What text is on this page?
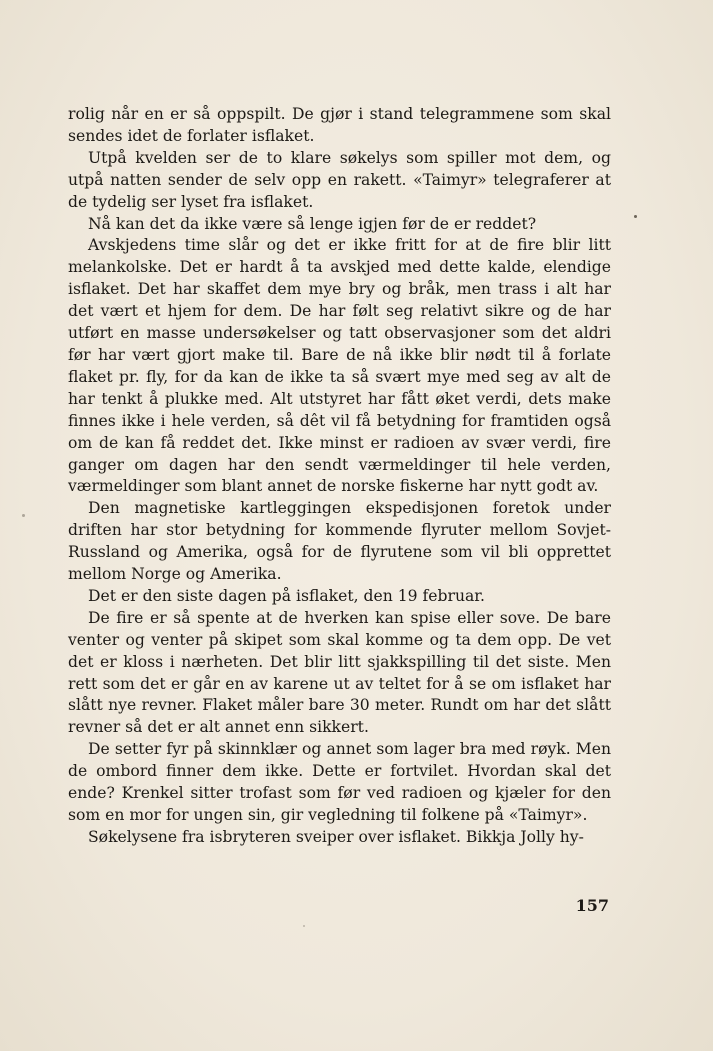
rolig når en er så oppspilt. De gjør i stand telegrammene som skal sendes idet de forlater isflaket.

Utpå kvelden ser de to klare søkelys som spiller mot dem, og utpå natten sender de selv opp en rakett. «Taimyr» telegraferer at de tydelig ser lyset fra isflaket.

Nå kan det da ikke være så lenge igjen før de er reddet?

Avskjedens time slår og det er ikke fritt for at de fire blir litt melankolske. Det er hardt å ta avskjed med dette kalde, elendige isflaket. Det har skaffet dem mye bry og bråk, men trass i alt har det vært et hjem for dem. De har følt seg relativt sikre og de har utført en masse undersøkelser og tatt observasjoner som det aldri før har vært gjort make til. Bare de nå ikke blir nødt til å forlate flaket pr. fly, for da kan de ikke ta så svært mye med seg av alt de har tenkt å plukke med. Alt utstyret har fått øket verdi, dets make finnes ikke i hele verden, så dêt vil få betydning for framtiden også om de kan få reddet det. Ikke minst er radioen av svær verdi, fire ganger om dagen har den sendt værmeldinger til hele verden, værmeldinger som blant annet de norske fiskerne har nytt godt av.

Den magnetiske kartleggingen ekspedisjonen foretok under driften har stor betydning for kommende flyruter mellom Sovjet-Russland og Amerika, også for de flyrutene som vil bli opprettet mellom Norge og Amerika.

Det er den siste dagen på isflaket, den 19 februar.

De fire er så spente at de hverken kan spise eller sove. De bare venter og venter på skipet som skal komme og ta dem opp. De vet det er kloss i nærheten. Det blir litt sjakkspilling til det siste. Men rett som det er går en av karene ut av teltet for å se om isflaket har slått nye revner. Flaket måler bare 30 meter. Rundt om har det slått revner så det er alt annet enn sikkert.

De setter fyr på skinnklær og annet som lager bra med røyk. Men de ombord finner dem ikke. Dette er fortvilet. Hvordan skal det ende? Krenkel sitter trofast som før ved radioen og kjæler for den som en mor for ungen sin, gir vegledning til folkene på «Taimyr».

Søkelysene fra isbryteren sveiper over isflaket. Bikkja Jolly hy-

157
